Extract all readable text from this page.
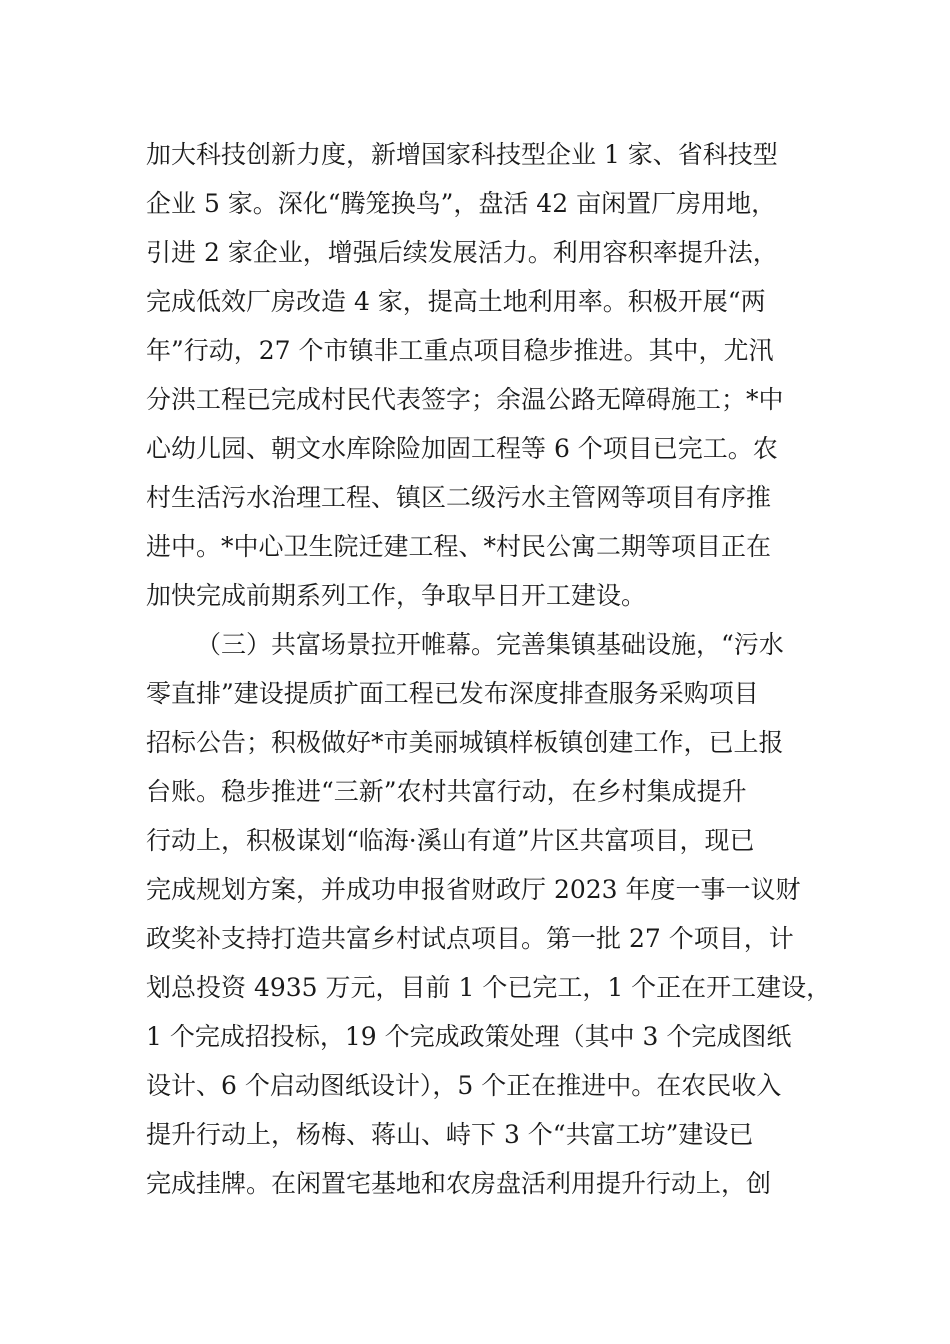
加大科技创新力度，新增国家科技型企业 1 家、省科技型
企业 5 家。深化“腾笼换鸟”，盘活 42 亩闲置厂房用地，
引进 2 家企业，增强后续发展活力。利用容积率提升法，
完成低效厂房改造 4 家，提高土地利用率。积极开展“两
年”行动，27 个市镇非工重点项目稳步推进。其中，尤汛
分洪工程已完成村民代表签字；余温公路无障碍施工；*中
心幼儿园、朝文水库除险加固工程等 6 个项目已完工。农
村生活污水治理工程、镇区二级污水主管网等项目有序推
进中。*中心卫生院迁建工程、*村民公寓二期等项目正在
加快完成前期系列工作，争取早日开工建设。
（三）共富场景拉开帷幕。完善集镇基础设施，“污水
零直排”建设提质扩面工程已发布深度排查服务采购项目
招标公告；积极做好*市美丽城镇样板镇创建工作，已上报
台账。稳步推进“三新”农村共富行动，在乡村集成提升
行动上，积极谋划“临海·溪山有道”片区共富项目，现已
完成规划方案，并成功申报省财政厅 2023 年度一事一议财
政奖补支持打造共富乡村试点项目。第一批 27 个项目，计
划总投资 4935 万元，目前 1 个已完工，1 个正在开工建设，
1 个完成招投标，19 个完成政策处理（其中 3 个完成图纸
设计、6 个启动图纸设计），5 个正在推进中。在农民收入
提升行动上，杨梅、蒋山、峙下 3 个“共富工坊”建设已
完成挂牌。在闲置宅基地和农房盘活利用提升行动上，创
